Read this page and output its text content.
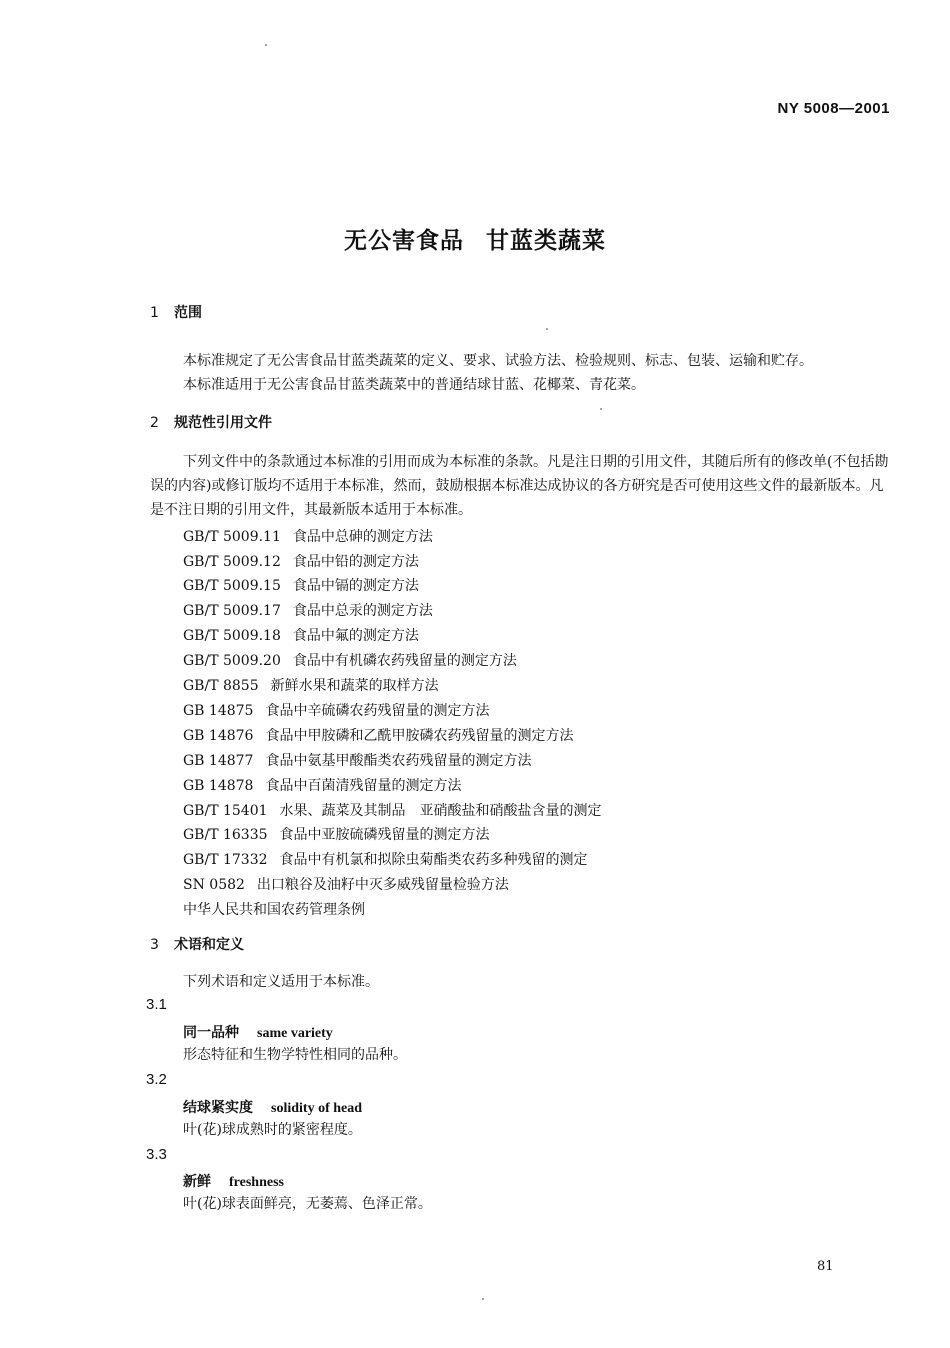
NY 5008—2001
无公害食品 甘蓝类蔬菜
1 范围
本标准规定了无公害食品甘蓝类蔬菜的定义、要求、试验方法、检验规则、标志、包装、运输和贮存。
本标准适用于无公害食品甘蓝类蔬菜中的普通结球甘蓝、花椰菜、青花菜。
2 规范性引用文件
下列文件中的条款通过本标准的引用而成为本标准的条款。凡是注日期的引用文件，其随后所有的修改单(不包括勘误的内容)或修订版均不适用于本标准，然而，鼓励根据本标准达成协议的各方研究是否可使用这些文件的最新版本。凡是不注日期的引用文件，其最新版本适用于本标准。
GB/T 5009.11 食品中总砷的测定方法
GB/T 5009.12 食品中铅的测定方法
GB/T 5009.15 食品中镉的测定方法
GB/T 5009.17 食品中总汞的测定方法
GB/T 5009.18 食品中氟的测定方法
GB/T 5009.20 食品中有机磷农药残留量的测定方法
GB/T 8855 新鲜水果和蔬菜的取样方法
GB 14875 食品中辛硫磷农药残留量的测定方法
GB 14876 食品中甲胺磷和乙酰甲胺磷农药残留量的测定方法
GB 14877 食品中氨基甲酸酯类农药残留量的测定方法
GB 14878 食品中百菌清残留量的测定方法
GB/T 15401 水果、蔬菜及其制品　亚硝酸盐和硝酸盐含量的测定
GB/T 16335 食品中亚胺硫磷残留量的测定方法
GB/T 17332 食品中有机氯和拟除虫菊酯类农药多种残留的测定
SN 0582 出口粮谷及油籽中灭多威残留量检验方法
中华人民共和国农药管理条例
3 术语和定义
下列术语和定义适用于本标准。
3.1
同一品种 same variety
形态特征和生物学特性相同的品种。
3.2
结球紧实度 solidity of head
叶(花)球成熟时的紧密程度。
3.3
新鲜 freshness
叶(花)球表面鲜亮，无萎蔫、色泽正常。
81
